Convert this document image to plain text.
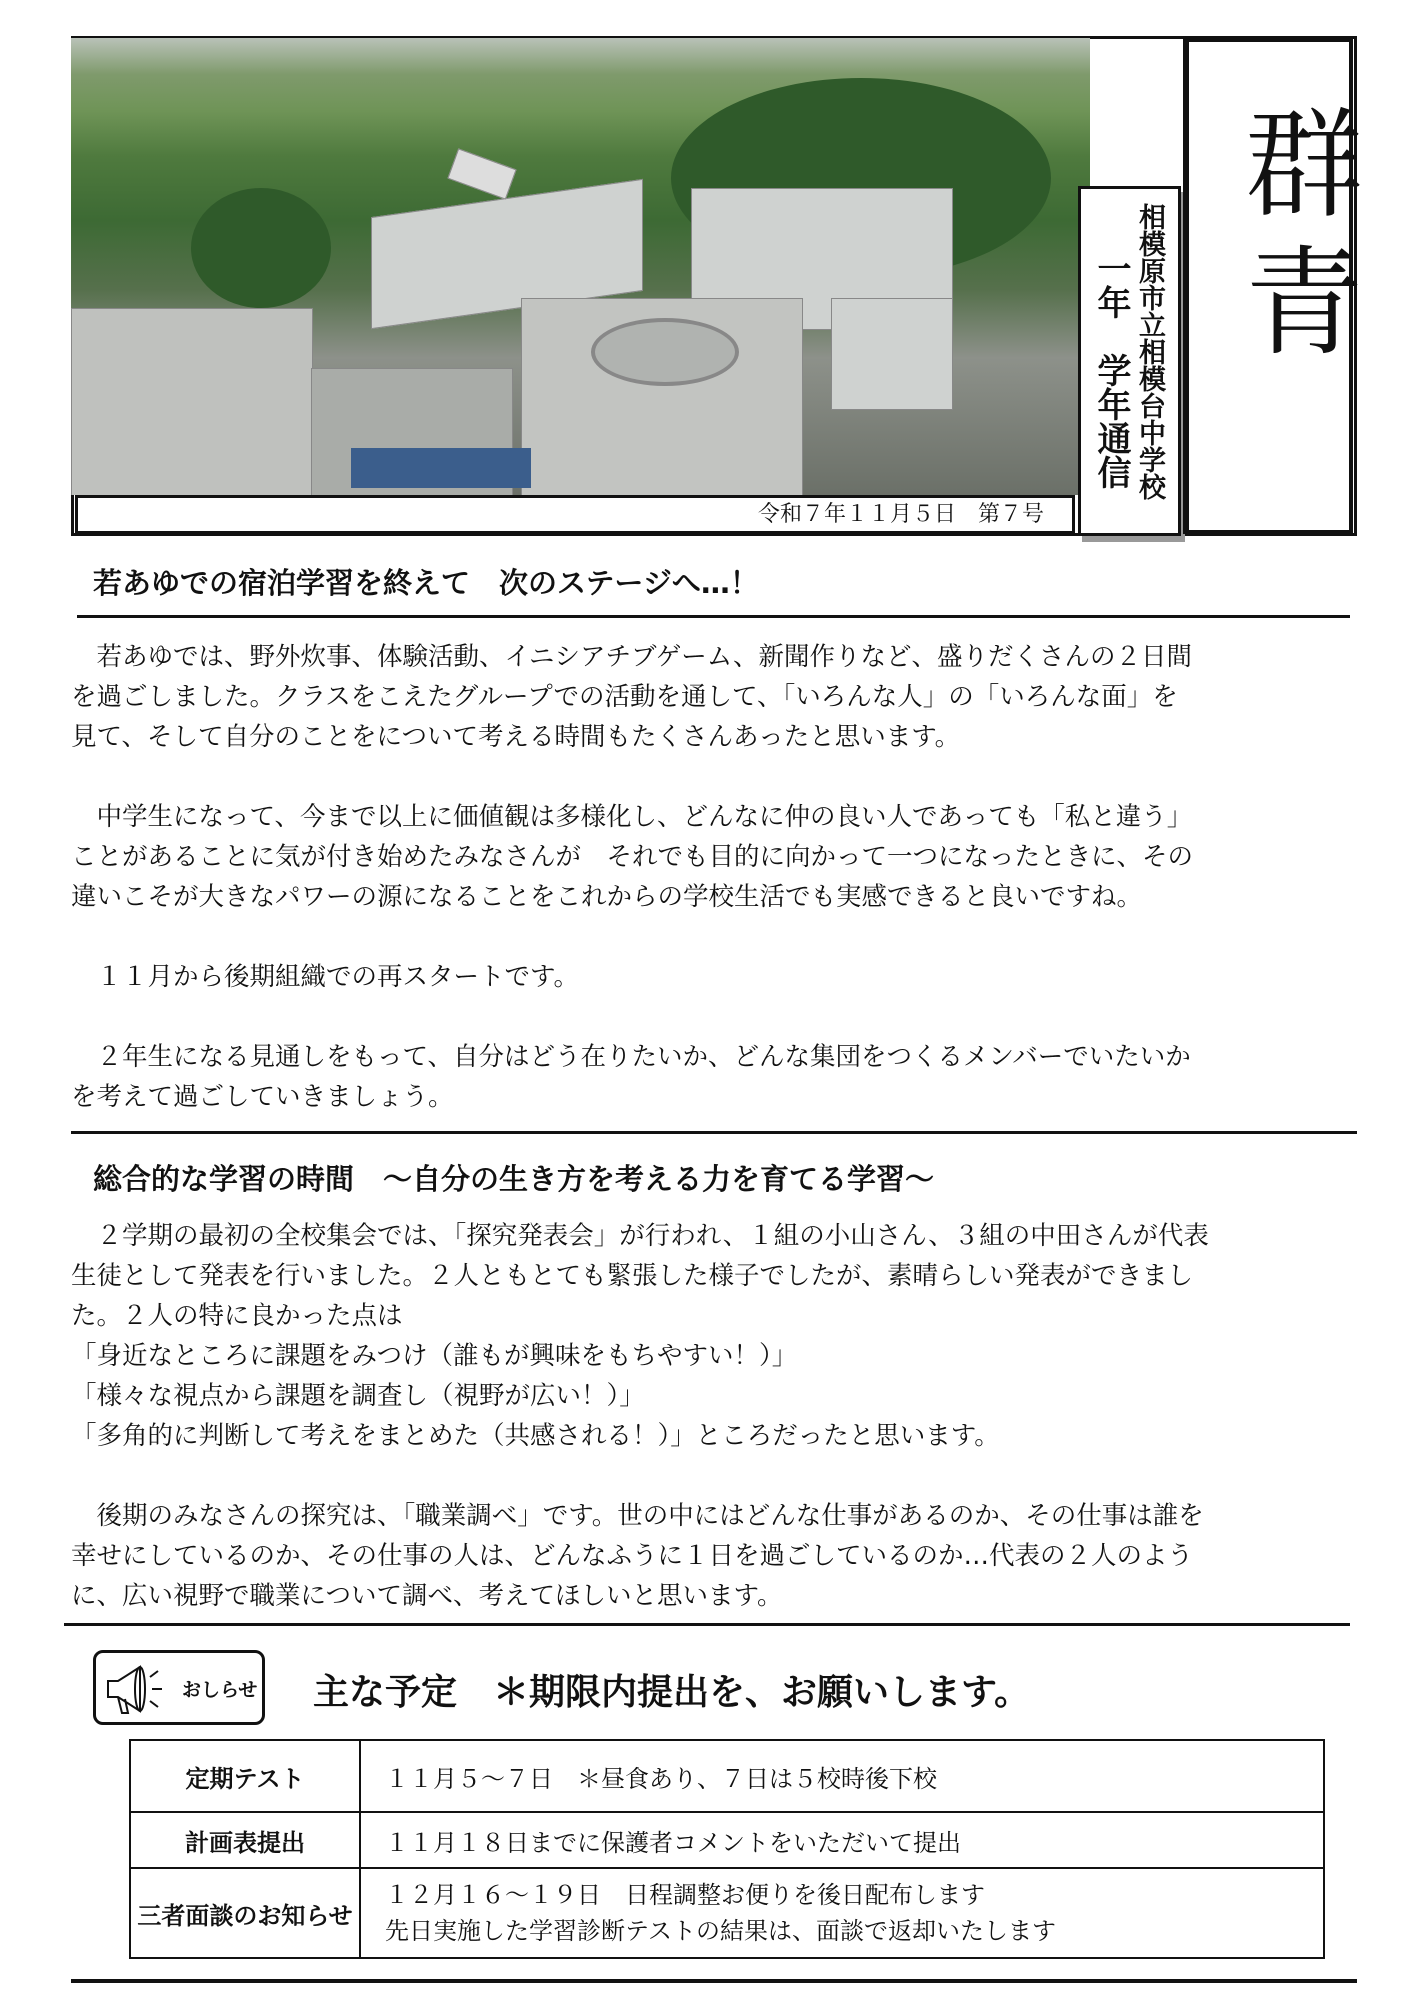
令和７年１１月５日　第７号
相模原市立相模台中学校
一年　学年通信 群青
若あゆでの宿泊学習を終えて　次のステージへ…！
　若あゆでは、野外炊事、体験活動、イニシアチブゲーム、新聞作りなど、盛りだくさんの２日間
を過ごしました。クラスをこえたグループでの活動を通して、「いろんな人」の「いろんな面」を
見て、そして自分のことをについて考える時間もたくさんあったと思います。
　中学生になって、今まで以上に価値観は多様化し、どんなに仲の良い人であっても「私と違う」
ことがあることに気が付き始めたみなさんが　それでも目的に向かって一つになったときに、その
違いこそが大きなパワーの源になることをこれからの学校生活でも実感できると良いですね。
　１１月から後期組織での再スタートです。
　２年生になる見通しをもって、自分はどう在りたいか、どんな集団をつくるメンバーでいたいか
を考えて過ごしていきましょう。
総合的な学習の時間　～自分の生き方を考える力を育てる学習～
　２学期の最初の全校集会では、「探究発表会」が行われ、１組の小山さん、３組の中田さんが代表
生徒として発表を行いました。２人ともとても緊張した様子でしたが、素晴らしい発表ができまし
た。２人の特に良かった点は
「身近なところに課題をみつけ（誰もが興味をもちやすい！）」
「様々な視点から課題を調査し（視野が広い！）」
「多角的に判断して考えをまとめた（共感される！）」ところだったと思います。
　後期のみなさんの探究は、「職業調べ」です。世の中にはどんな仕事があるのか、その仕事は誰を
幸せにしているのか、その仕事の人は、どんなふうに１日を過ごしているのか…代表の２人のよう
に、広い視野で職業について調べ、考えてほしいと思います。
おしらせ 主な予定　＊期限内提出を、お願いします。
定期テスト	１１月５～７日　＊昼食あり、７日は５校時後下校
計画表提出	１１月１８日までに保護者コメントをいただいて提出
三者面談のお知らせ	１２月１６～１９日　日程調整お便りを後日配布します
先日実施した学習診断テストの結果は、面談で返却いたします
